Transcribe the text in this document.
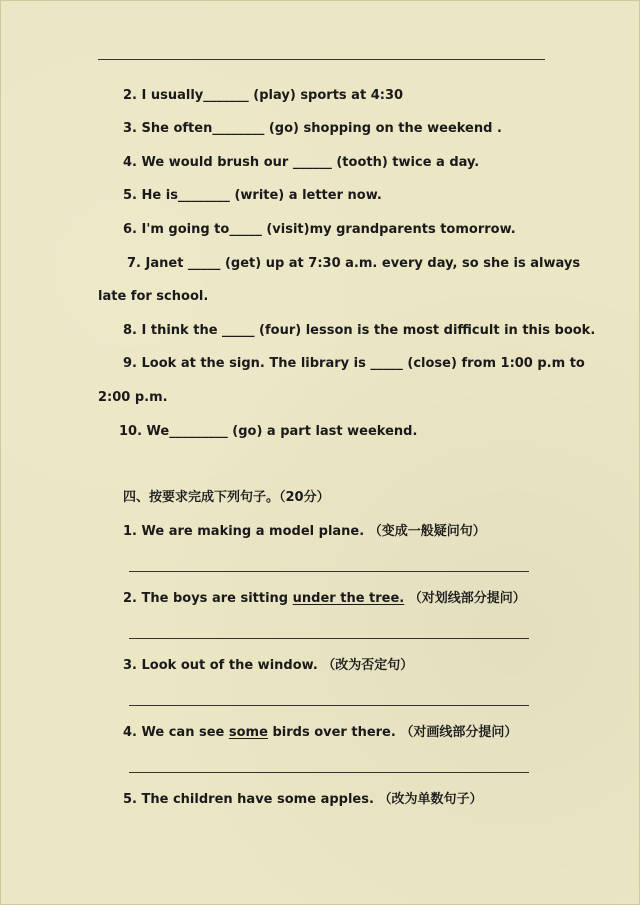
2. I usually_______ (play) sports at 4:30
3. She often________ (go) shopping on the weekend .
4. We would brush our ______ (tooth) twice a day.
5. He is________ (write) a letter now.
6. I'm going to_____ (visit)my grandparents tomorrow.
7. Janet _____ (get) up at 7:30 a.m. every day, so she is always
late for school.
8. I think the _____ (four) lesson is the most difficult in this book.
9. Look at the sign. The library is _____ (close) from 1:00 p.m to
2:00 p.m.
10. We_________ (go) a part last weekend.
四、按要求完成下列句子。（20分）
1. We are making a model plane. （变成一般疑问句）
2. The boys are sitting under the tree. （对划线部分提问）
3. Look out of the window. （改为否定句）
4. We can see some birds over there. （对画线部分提问）
5. The children have some apples. （改为单数句子）
